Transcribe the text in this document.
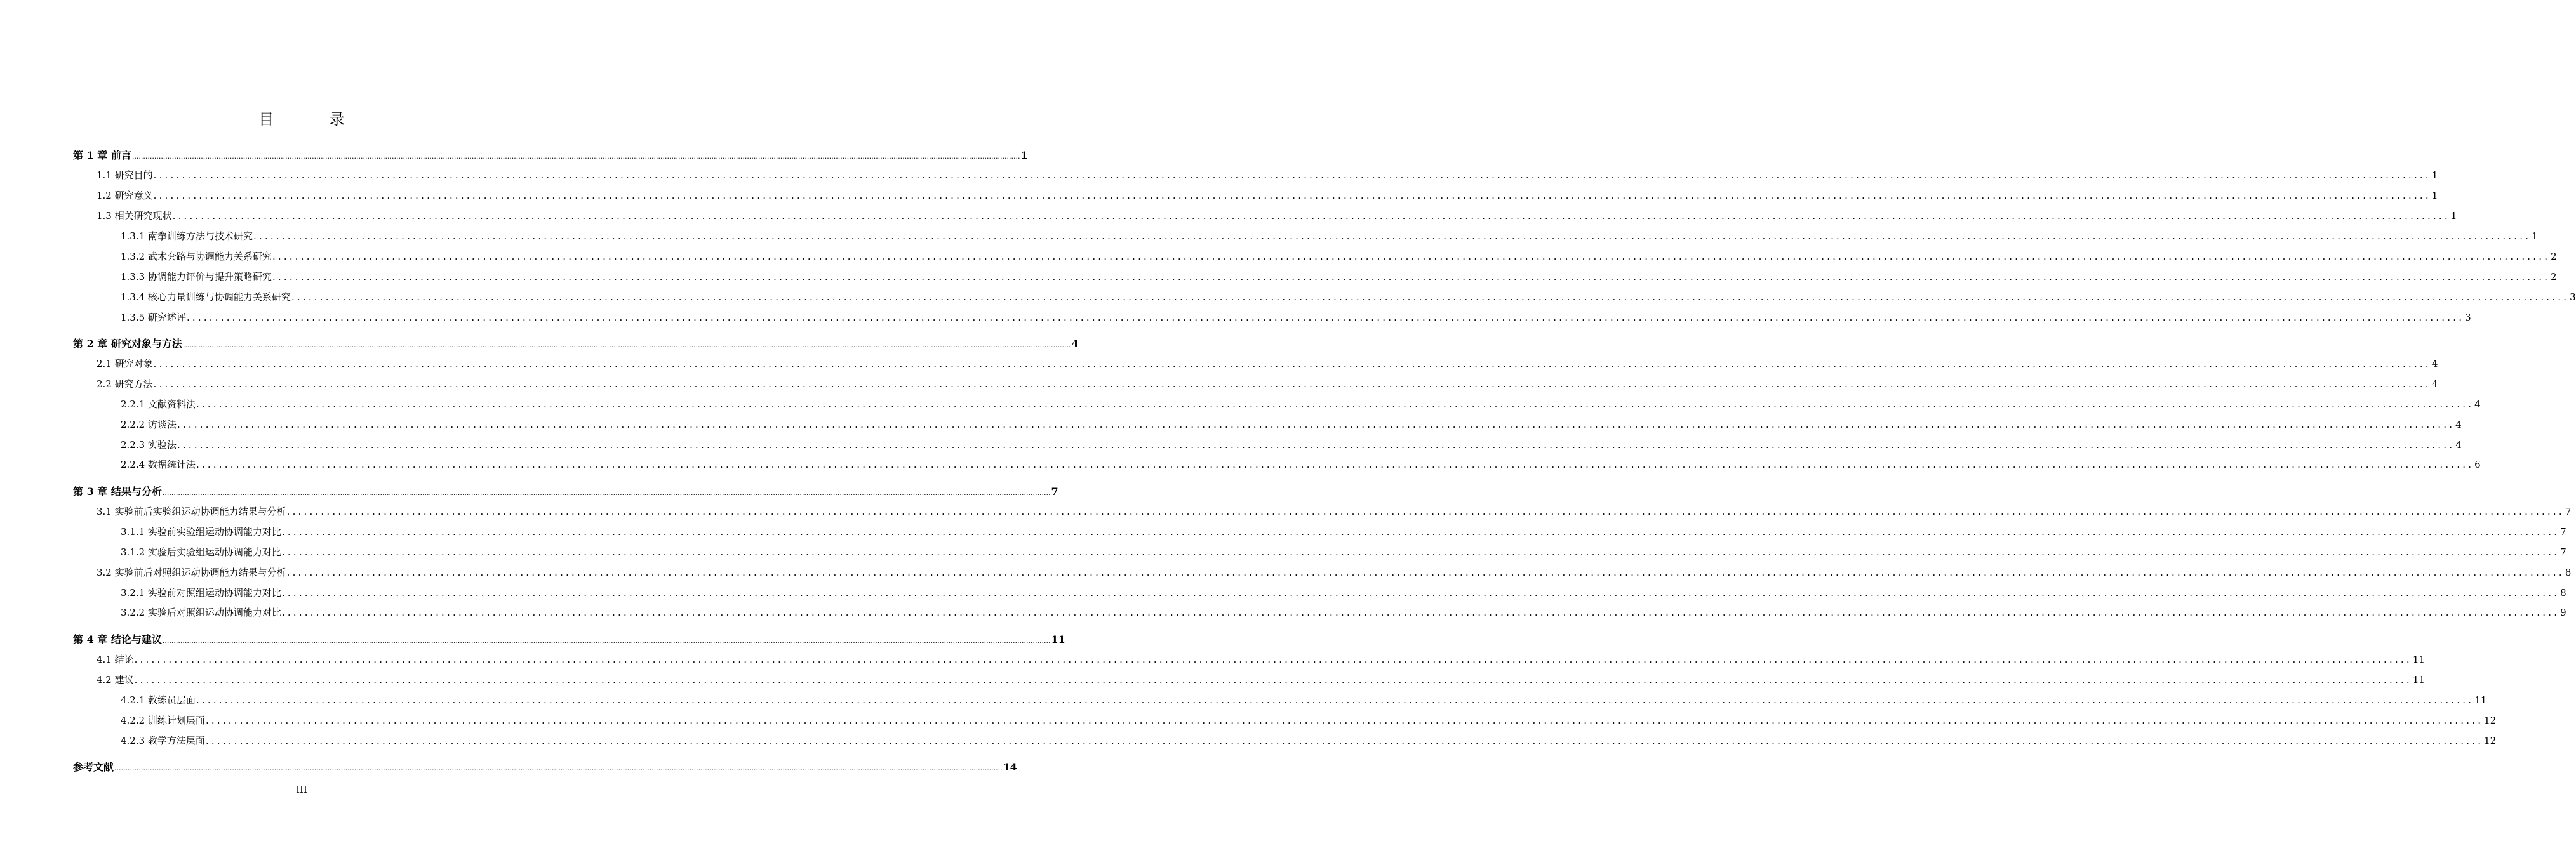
目 录
第 1 章 前言 ................................................................................................................................................................................................................................................................................................................................................................................................................ 1
1.1 研究目的 ................................................................................................................................................................................................................................................................................................................................................................................................................ 1
1.2 研究意义 ................................................................................................................................................................................................................................................................................................................................................................................................................ 1
1.3 相关研究现状 ................................................................................................................................................................................................................................................................................................................................................................................................................ 1
1.3.1 南拳训练方法与技术研究 ................................................................................................................................................................................................................................................................................................................................................................................................................ 1
1.3.2 武术套路与协调能力关系研究 ................................................................................................................................................................................................................................................................................................................................................................................................................ 2
1.3.3 协调能力评价与提升策略研究 ................................................................................................................................................................................................................................................................................................................................................................................................................ 2
1.3.4 核心力量训练与协调能力关系研究 ................................................................................................................................................................................................................................................................................................................................................................................................................ 3
1.3.5 研究述评 ................................................................................................................................................................................................................................................................................................................................................................................................................ 3
第 2 章 研究对象与方法 ................................................................................................................................................................................................................................................................................................................................................................................................................ 4
2.1 研究对象 ................................................................................................................................................................................................................................................................................................................................................................................................................ 4
2.2 研究方法 ................................................................................................................................................................................................................................................................................................................................................................................................................ 4
2.2.1 文献资料法 ................................................................................................................................................................................................................................................................................................................................................................................................................ 4
2.2.2 访谈法 ................................................................................................................................................................................................................................................................................................................................................................................................................ 4
2.2.3 实验法 ................................................................................................................................................................................................................................................................................................................................................................................................................ 4
2.2.4 数据统计法 ................................................................................................................................................................................................................................................................................................................................................................................................................ 6
第 3 章 结果与分析 ................................................................................................................................................................................................................................................................................................................................................................................................................ 7
3.1 实验前后实验组运动协调能力结果与分析 ................................................................................................................................................................................................................................................................................................................................................................................................................ 7
3.1.1 实验前实验组运动协调能力对比 ................................................................................................................................................................................................................................................................................................................................................................................................................ 7
3.1.2 实验后实验组运动协调能力对比 ................................................................................................................................................................................................................................................................................................................................................................................................................ 7
3.2 实验前后对照组运动协调能力结果与分析 ................................................................................................................................................................................................................................................................................................................................................................................................................ 8
3.2.1 实验前对照组运动协调能力对比 ................................................................................................................................................................................................................................................................................................................................................................................................................ 8
3.2.2 实验后对照组运动协调能力对比 ................................................................................................................................................................................................................................................................................................................................................................................................................ 9
第 4 章 结论与建议 ................................................................................................................................................................................................................................................................................................................................................................................................................ 11
4.1 结论 ................................................................................................................................................................................................................................................................................................................................................................................................................ 11
4.2 建议 ................................................................................................................................................................................................................................................................................................................................................................................................................ 11
4.2.1 教练员层面 ................................................................................................................................................................................................................................................................................................................................................................................................................ 11
4.2.2 训练计划层面 ................................................................................................................................................................................................................................................................................................................................................................................................................ 12
4.2.3 教学方法层面 ................................................................................................................................................................................................................................................................................................................................................................................................................ 12
参考文献 ................................................................................................................................................................................................................................................................................................................................................................................................................ 14
III
